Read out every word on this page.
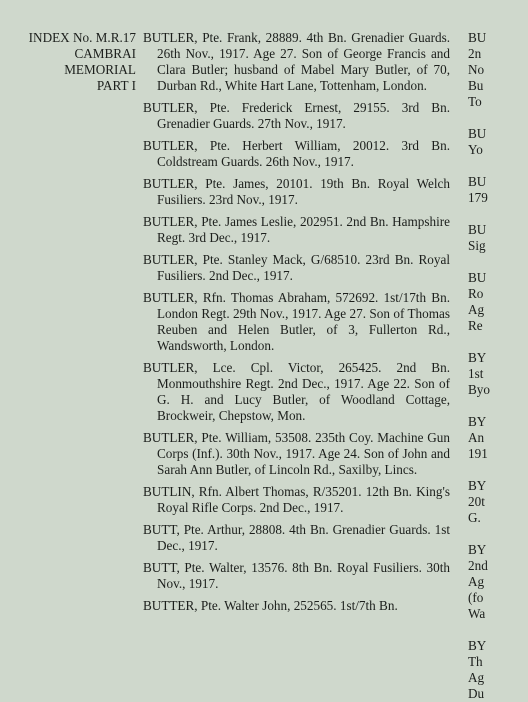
INDEX No. M.R.17
CAMBRAI
MEMORIAL
PART I

BUTLER, Pte. Frank, 28889. 4th Bn. Grenadier Guards. 26th Nov., 1917. Age 27. Son of George Francis and Clara Butler; husband of Mabel Mary Butler, of 70, Durban Rd., White Hart Lane, Tottenham, London.

BUTLER, Pte. Frederick Ernest, 29155. 3rd Bn. Grenadier Guards. 27th Nov., 1917.

BUTLER, Pte. Herbert William, 20012. 3rd Bn. Coldstream Guards. 26th Nov., 1917.

BUTLER, Pte. James, 20101. 19th Bn. Royal Welch Fusiliers. 23rd Nov., 1917.

BUTLER, Pte. James Leslie, 202951. 2nd Bn. Hampshire Regt. 3rd Dec., 1917.

BUTLER, Pte. Stanley Mack, G/68510. 23rd Bn. Royal Fusiliers. 2nd Dec., 1917.

BUTLER, Rfn. Thomas Abraham, 572692. 1st/17th Bn. London Regt. 29th Nov., 1917. Age 27. Son of Thomas Reuben and Helen Butler, of 3, Fullerton Rd., Wandsworth, London.

BUTLER, Lce. Cpl. Victor, 265425. 2nd Bn. Monmouthshire Regt. 2nd Dec., 1917. Age 22. Son of G. H. and Lucy Butler, of Woodland Cottage, Brockweir, Chepstow, Mon.

BUTLER, Pte. William, 53508. 235th Coy. Machine Gun Corps (Inf.). 30th Nov., 1917. Age 24. Son of John and Sarah Ann Butler, of Lincoln Rd., Saxilby, Lincs.

BUTLIN, Rfn. Albert Thomas, R/35201. 12th Bn. King's Royal Rifle Corps. 2nd Dec., 1917.

BUTT, Pte. Arthur, 28808. 4th Bn. Grenadier Guards. 1st Dec., 1917.

BUTT, Pte. Walter, 13576. 8th Bn. Royal Fusiliers. 30th Nov., 1917.

BUTTER, Pte. Walter John, 252565. 1st/7th Bn.

BU
2n
No
Bu
To
BU
Yo
BU
179
BU
Sig
BU
Ro
Ag
Re
BY
1st
Byo
BY
An
191
BY
20t
G.
BY
2nd
Ag
(fo
Wa
BY
Th
Ag
Du
